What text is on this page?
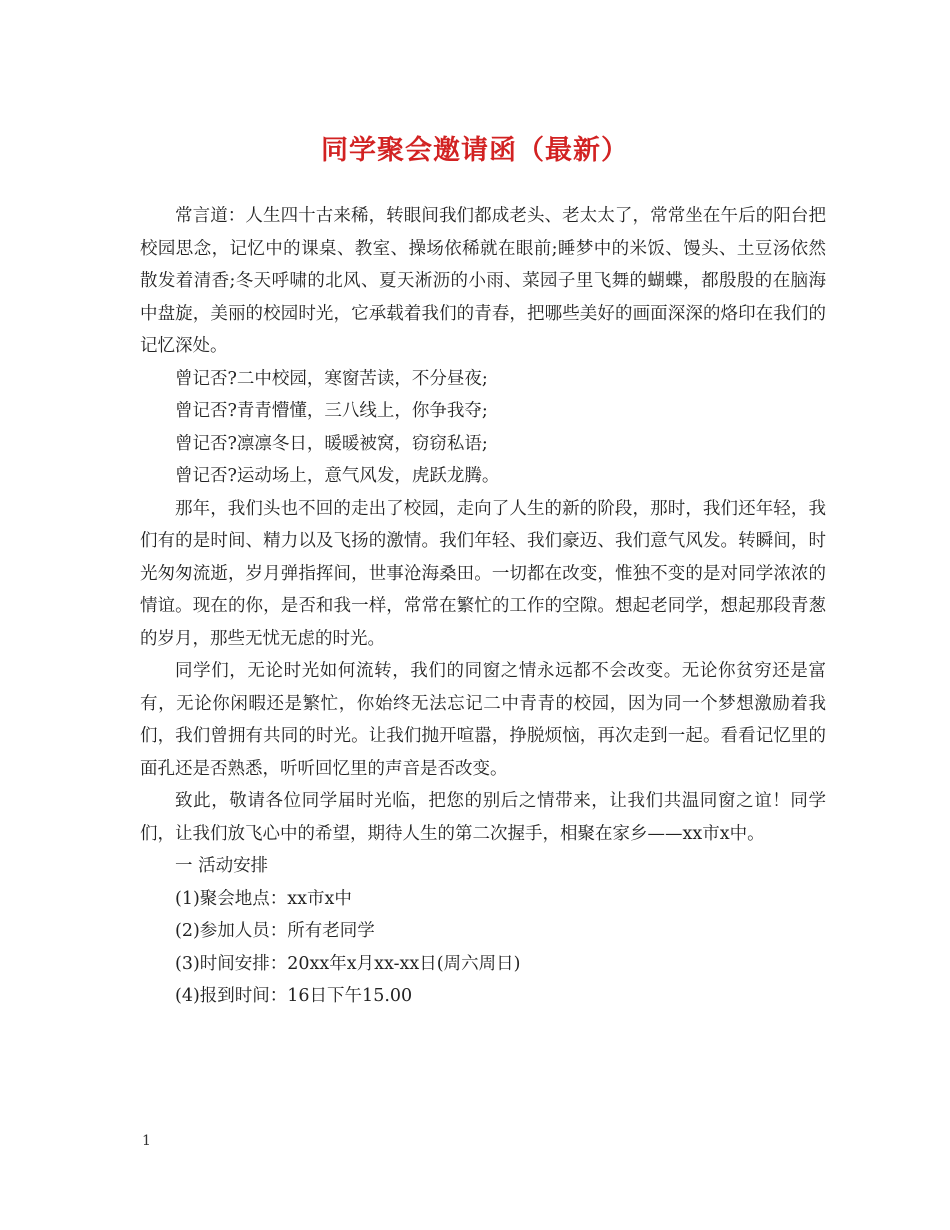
同学聚会邀请函（最新）

常言道：人生四十古来稀，转眼间我们都成老头、老太太了，常常坐在午后的阳台把校园思念，记忆中的课桌、教室、操场依稀就在眼前;睡梦中的米饭、馒头、土豆汤依然散发着清香;冬天呼啸的北风、夏天淅沥的小雨、菜园子里飞舞的蝴蝶，都殷殷的在脑海中盘旋，美丽的校园时光，它承载着我们的青春，把哪些美好的画面深深的烙印在我们的记忆深处。

曾记否?二中校园，寒窗苦读，不分昼夜;

曾记否?青青懵懂，三八线上，你争我夺;

曾记否?凛凛冬日，暖暖被窝，窃窃私语;

曾记否?运动场上，意气风发，虎跃龙腾。

那年，我们头也不回的走出了校园，走向了人生的新的阶段，那时，我们还年轻，我们有的是时间、精力以及飞扬的激情。我们年轻、我们豪迈、我们意气风发。转瞬间，时光匆匆流逝，岁月弹指挥间，世事沧海桑田。一切都在改变，惟独不变的是对同学浓浓的情谊。现在的你，是否和我一样，常常在繁忙的工作的空隙。想起老同学，想起那段青葱的岁月，那些无忧无虑的时光。

同学们，无论时光如何流转，我们的同窗之情永远都不会改变。无论你贫穷还是富有，无论你闲暇还是繁忙，你始终无法忘记二中青青的校园，因为同一个梦想激励着我们，我们曾拥有共同的时光。让我们抛开喧嚣，挣脱烦恼，再次走到一起。看看记忆里的面孔还是否熟悉，听听回忆里的声音是否改变。

致此，敬请各位同学届时光临，把您的别后之情带来，让我们共温同窗之谊！同学们，让我们放飞心中的希望，期待人生的第二次握手，相聚在家乡——xx市x中。

一 活动安排

(1)聚会地点：xx市x中

(2)参加人员：所有老同学

(3)时间安排：20xx年x月xx-xx日(周六周日)

(4)报到时间：16日下午15.00

1
